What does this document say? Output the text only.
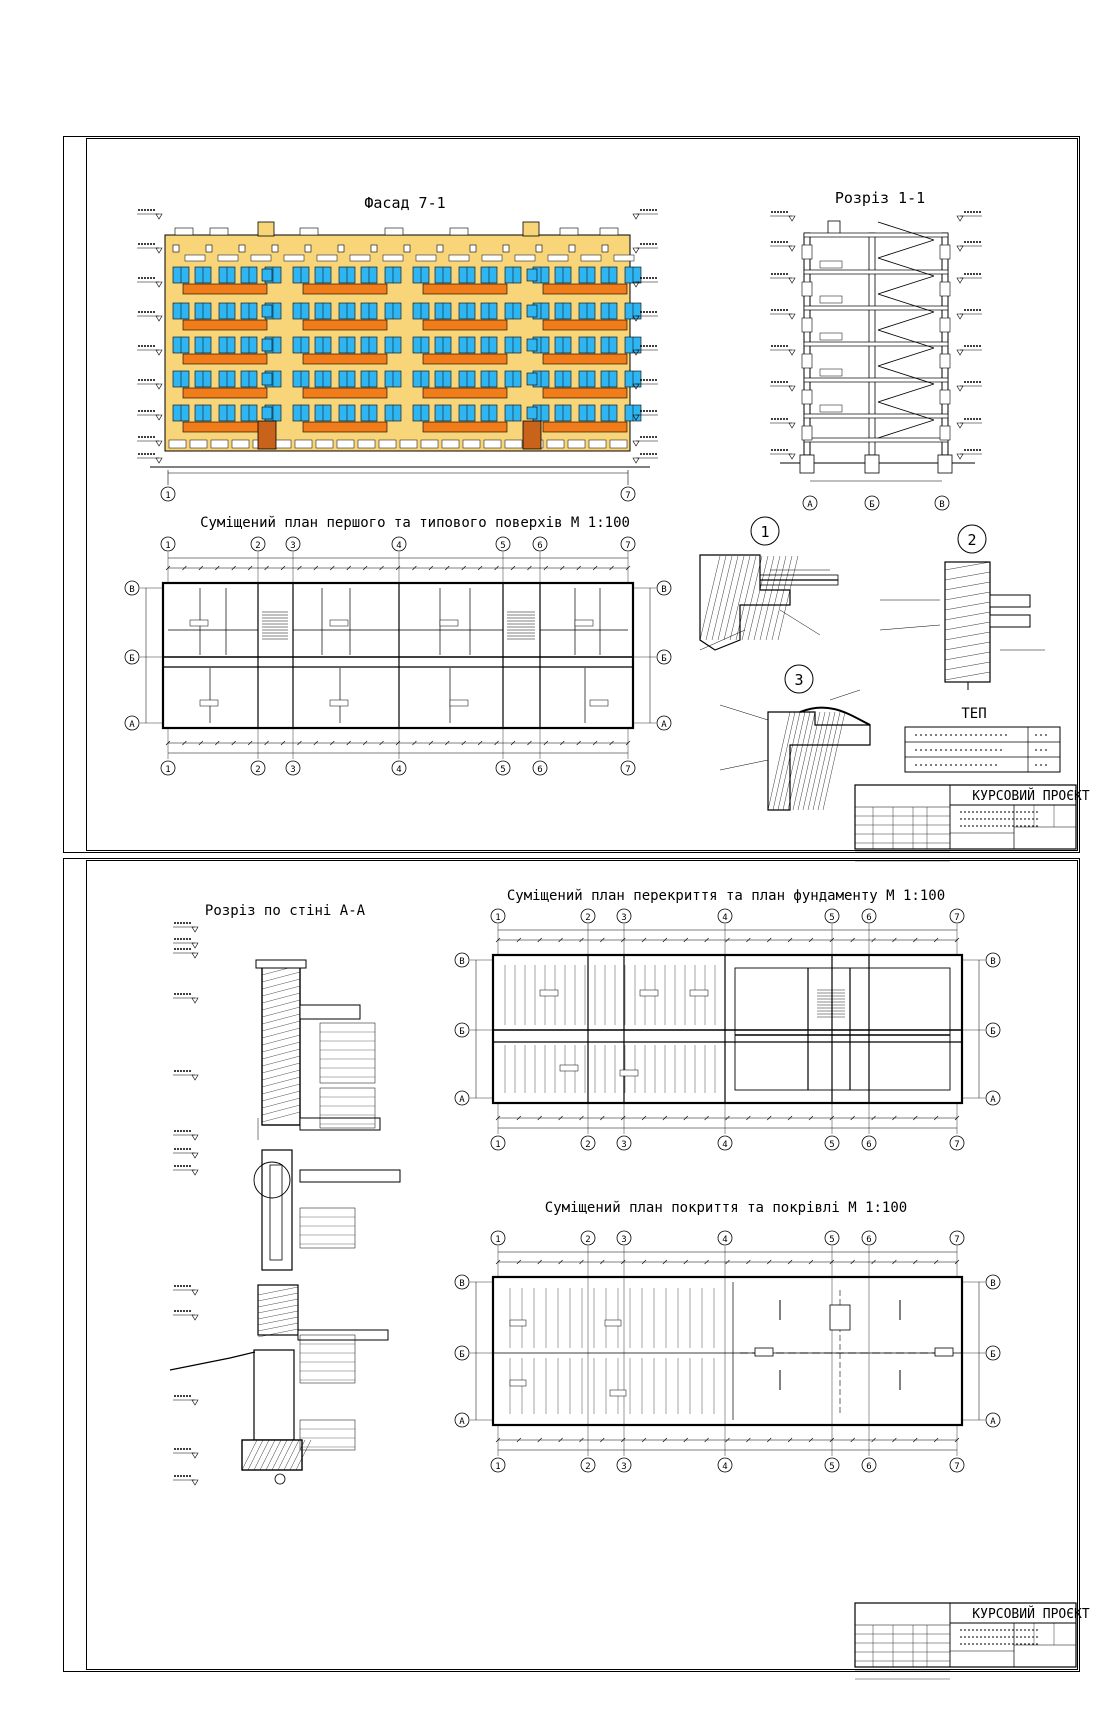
Фасад 7-1
1	7
Розріз 1-1
А	Б	В
Суміщений план першого та типового поверхів М 1:100
1
1
2
2
3
3
4
4
5
5
6
6
7
7
В	В
Б	Б
А	А
1	2
3
ТЕП
КУРСОВИЙ ПРОЄКТ
Розріз по стіні А-А
Суміщений план перекриття та план фундаменту М 1:100
1
1
2
2
3
3
4
4
5
5
6
6
7
7
В	В
Б	Б
А	А
Суміщений план покриття та покрівлі М 1:100
1
1
2
2
3
3
4
4
5
5
6
6
7
7
В	В
Б	Б
А	А
КУРСОВИЙ ПРОЄКТ
